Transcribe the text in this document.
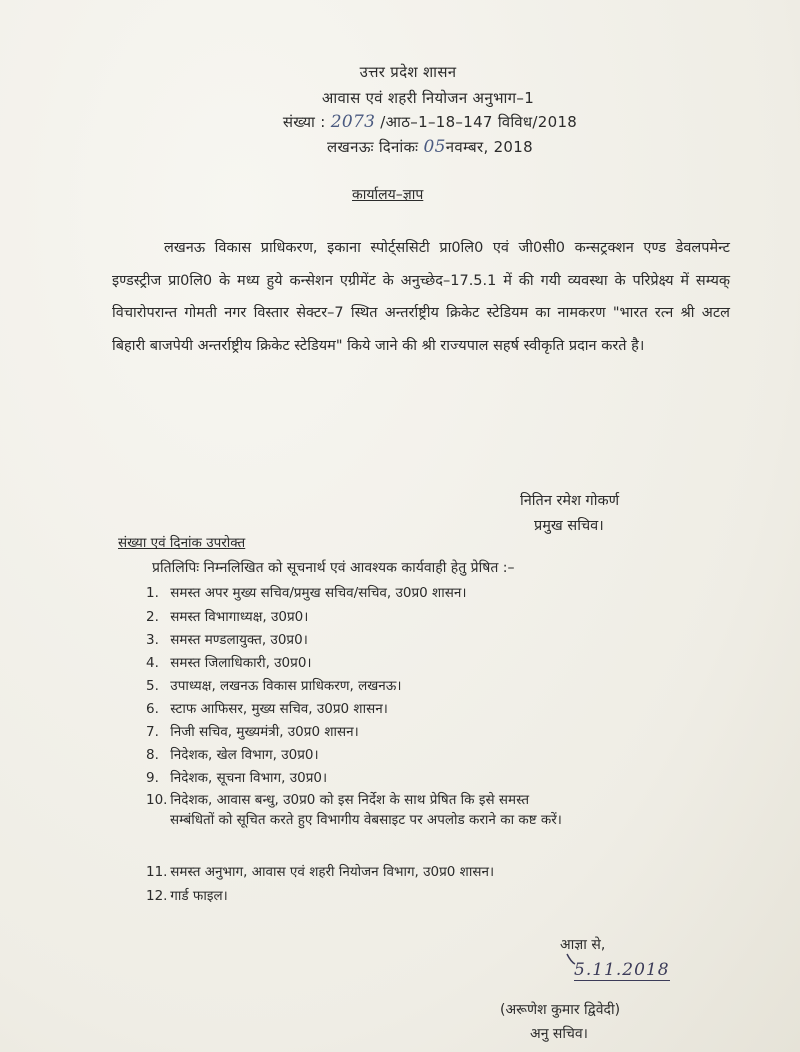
उत्तर प्रदेश शासन
आवास एवं शहरी नियोजन अनुभाग–1
संख्या : 2073 /आठ–1–18–147 विविध/2018
लखनऊः दिनांकः 05नवम्बर, 2018
कार्यालय–ज्ञाप
लखनऊ विकास प्राधिकरण, इकाना स्पोर्ट्ससिटी प्रा0लि0 एवं जी0सी0 कन्सट्रक्शन एण्ड डेवलपमेन्ट इण्डस्ट्रीज प्रा0लि0 के मध्य हुये कन्सेशन एग्रीमेंट के अनुच्छेद–17.5.1 में की गयी व्यवस्था के परिप्रेक्ष्य में सम्यक् विचारोपरान्त गोमती नगर विस्तार सेक्टर–7 स्थित अन्तर्राष्ट्रीय क्रिकेट स्टेडियम का नामकरण "भारत रत्न श्री अटल बिहारी बाजपेयी अन्तर्राष्ट्रीय क्रिकेट स्टेडियम" किये जाने की श्री राज्यपाल सहर्ष स्वीकृति प्रदान करते है।
नितिन रमेश गोकर्ण
प्रमुख सचिव।
संख्या एवं दिनांक उपरोक्त
प्रतिलिपिः निम्नलिखित को सूचनार्थ एवं आवश्यक कार्यवाही हेतु प्रेषित :–
1. समस्त अपर मुख्य सचिव/प्रमुख सचिव/सचिव, उ0प्र0 शासन।
2. समस्त विभागाध्यक्ष, उ0प्र0।
3. समस्त मण्डलायुक्त, उ0प्र0।
4. समस्त जिलाधिकारी, उ0प्र0।
5. उपाध्यक्ष, लखनऊ विकास प्राधिकरण, लखनऊ।
6. स्टाफ आफिसर, मुख्य सचिव, उ0प्र0 शासन।
7. निजी सचिव, मुख्यमंत्री, उ0प्र0 शासन।
8. निदेशक, खेल विभाग, उ0प्र0।
9. निदेशक, सूचना विभाग, उ0प्र0।
10. निदेशक, आवास बन्धु, उ0प्र0 को इस निर्देश के साथ प्रेषित कि इसे समस्त
सम्बंधितों को सूचित करते हुए विभागीय वेबसाइट पर अपलोड कराने का कष्ट करें।
11. समस्त अनुभाग, आवास एवं शहरी नियोजन विभाग, उ0प्र0 शासन।
12. गार्ड फाइल।
आज्ञा से,
5.11.2018
(अरूणेश कुमार द्विवेदी)
अनु सचिव।
